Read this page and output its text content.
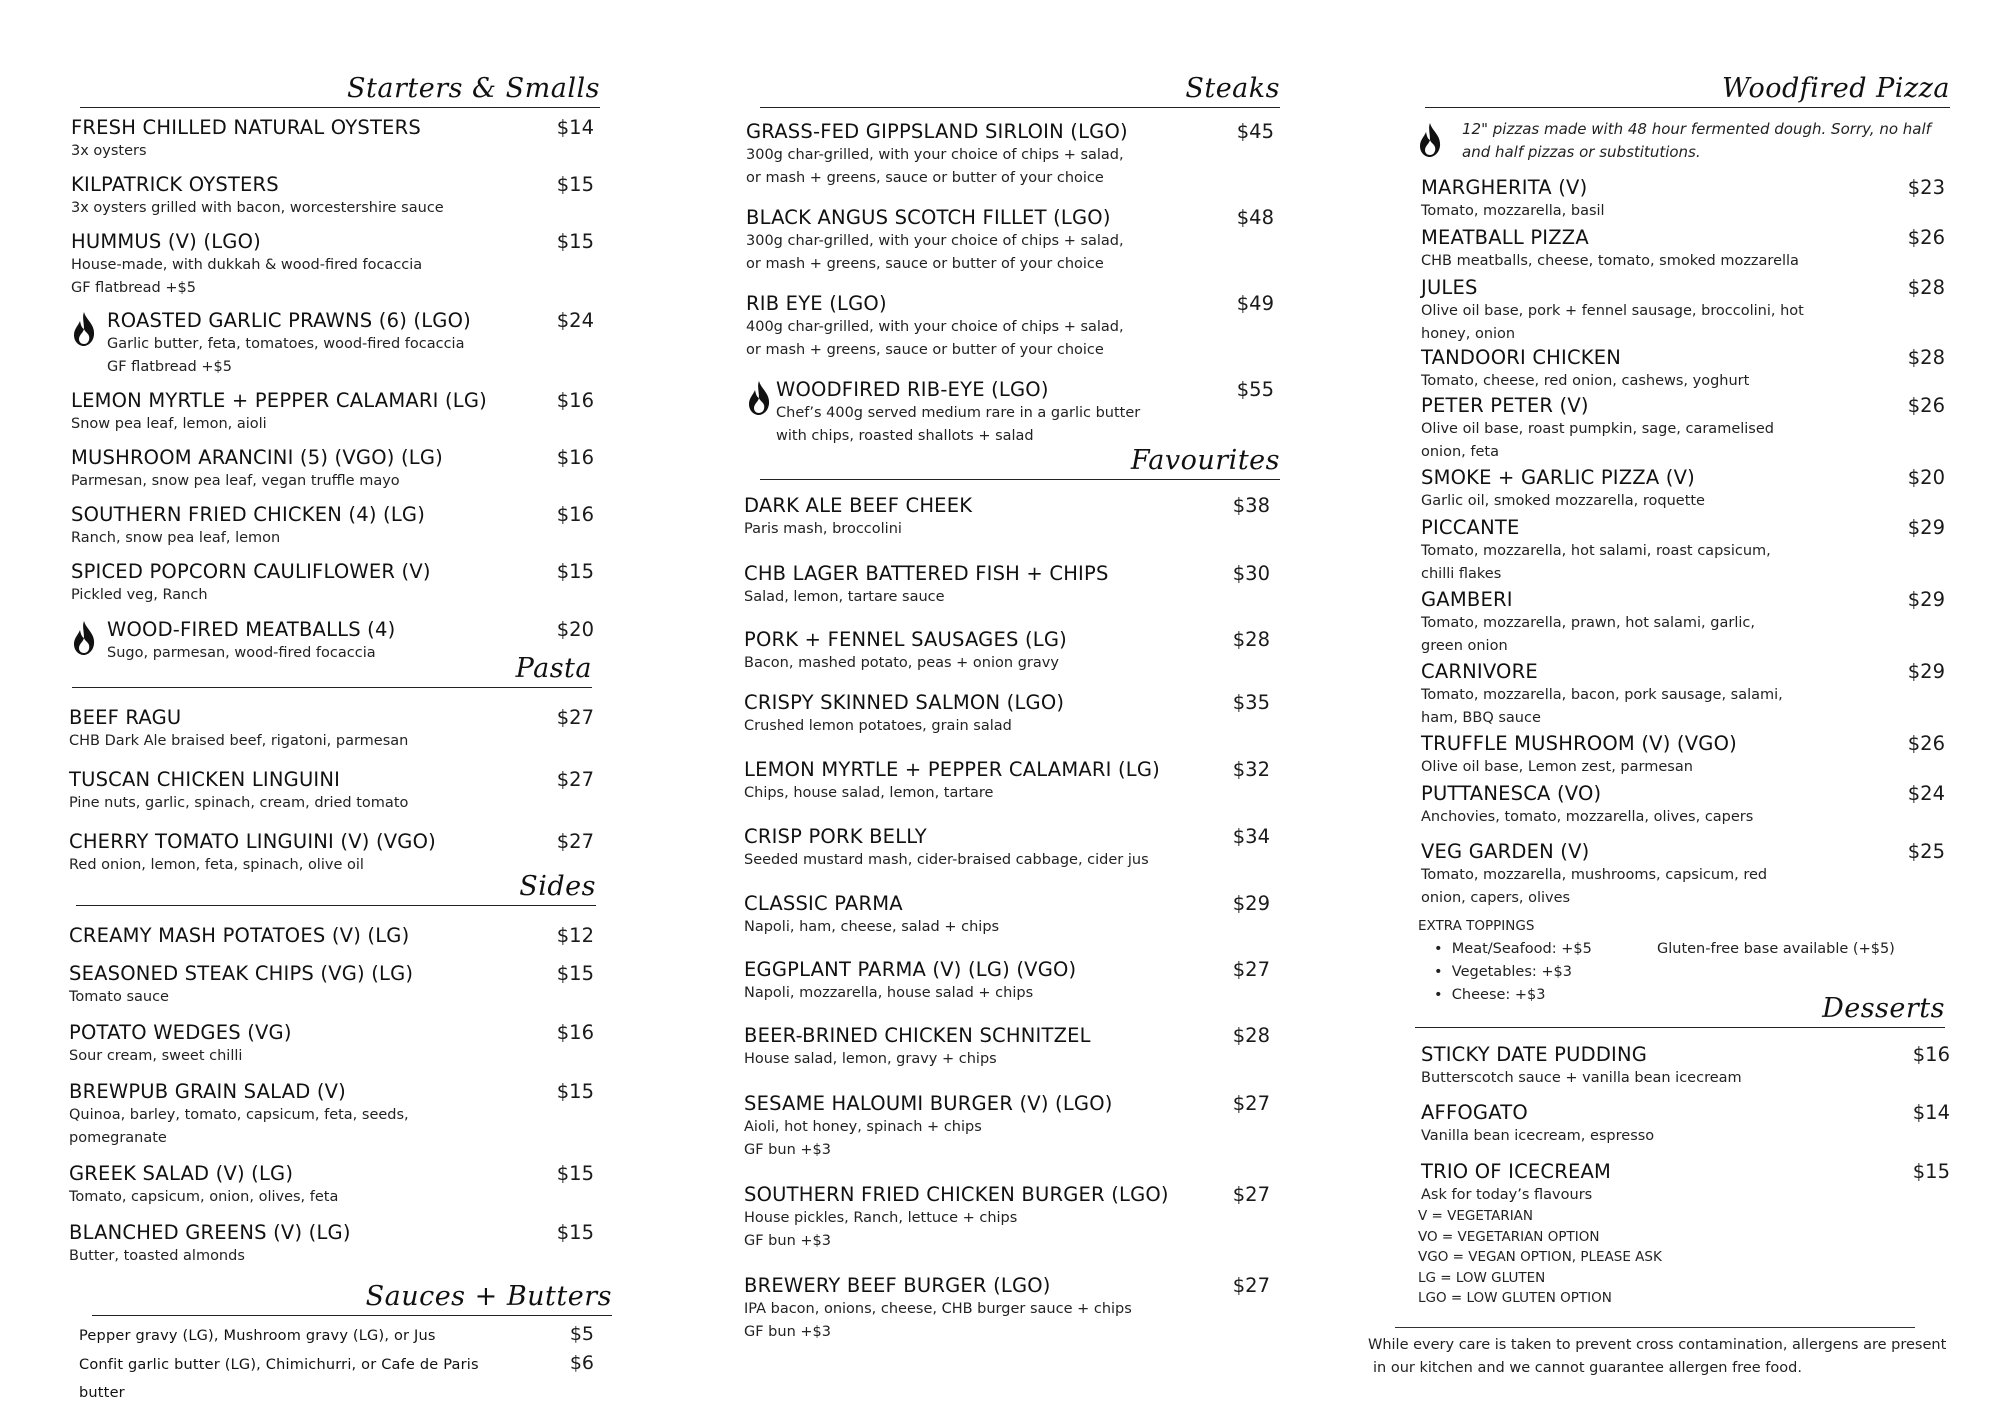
Starters & Smalls
FRESH CHILLED NATURAL OYSTERS
3x oysters
$14
KILPATRICK OYSTERS
3x oysters grilled with bacon, worcestershire sauce
$15
HUMMUS (V) (LGO)
House-made, with dukkah & wood-fired focaccia
GF flatbread +$5
$15
ROASTED GARLIC PRAWNS (6) (LGO)
Garlic butter, feta, tomatoes, wood-fired focaccia
GF flatbread +$5
$24
LEMON MYRTLE + PEPPER CALAMARI (LG)
Snow pea leaf, lemon, aioli
$16
MUSHROOM ARANCINI (5) (VGO) (LG)
Parmesan, snow pea leaf, vegan truffle mayo
$16
SOUTHERN FRIED CHICKEN (4) (LG)
Ranch, snow pea leaf, lemon
$16
SPICED POPCORN CAULIFLOWER (V)
Pickled veg, Ranch
$15
WOOD-FIRED MEATBALLS (4)
Sugo, parmesan, wood-fired focaccia
$20
Pasta
BEEF RAGU
CHB Dark Ale braised beef, rigatoni, parmesan
$27
TUSCAN CHICKEN LINGUINI
Pine nuts, garlic, spinach, cream, dried tomato
$27
CHERRY TOMATO LINGUINI (V) (VGO)
Red onion, lemon, feta, spinach, olive oil
$27
Sides
CREAMY MASH POTATOES (V) (LG)	$12
SEASONED STEAK CHIPS (VG) (LG)
Tomato sauce
$15
POTATO WEDGES (VG)
Sour cream, sweet chilli
$16
BREWPUB GRAIN SALAD (V)
Quinoa, barley, tomato, capsicum, feta, seeds,
pomegranate
$15
GREEK SALAD (V) (LG)
Tomato, capsicum, onion, olives, feta
$15
BLANCHED GREENS (V) (LG)
Butter, toasted almonds
$15
Sauces + Butters
Pepper gravy (LG), Mushroom gravy (LG), or Jus	$5
Confit garlic butter (LG), Chimichurri, or Cafe de Paris
butter
$6
Steaks
GRASS-FED GIPPSLAND SIRLOIN (LGO)
300g char-grilled, with your choice of chips + salad,
or mash + greens, sauce or butter of your choice
$45
BLACK ANGUS SCOTCH FILLET (LGO)
300g char-grilled, with your choice of chips + salad,
or mash + greens, sauce or butter of your choice
$48
RIB EYE (LGO)
400g char-grilled, with your choice of chips + salad,
or mash + greens, sauce or butter of your choice
$49
WOODFIRED RIB-EYE (LGO)
Chef’s 400g served medium rare in a garlic butter
with chips, roasted shallots + salad
$55
Favourites
DARK ALE BEEF CHEEK
Paris mash, broccolini
$38
CHB LAGER BATTERED FISH + CHIPS
Salad, lemon, tartare sauce
$30
PORK + FENNEL SAUSAGES (LG)
Bacon, mashed potato, peas + onion gravy
$28
CRISPY SKINNED SALMON (LGO)
Crushed lemon potatoes, grain salad
$35
LEMON MYRTLE + PEPPER CALAMARI (LG)
Chips, house salad, lemon, tartare
$32
CRISP PORK BELLY
Seeded mustard mash, cider-braised cabbage, cider jus
$34
CLASSIC PARMA
Napoli, ham, cheese, salad + chips
$29
EGGPLANT PARMA (V) (LG) (VGO)
Napoli, mozzarella, house salad + chips
$27
BEER-BRINED CHICKEN SCHNITZEL
House salad, lemon, gravy + chips
$28
SESAME HALOUMI BURGER (V) (LGO)
Aioli, hot honey, spinach + chips
GF bun +$3
$27
SOUTHERN FRIED CHICKEN BURGER (LGO)
House pickles, Ranch, lettuce + chips
GF bun +$3
$27
BREWERY BEEF BURGER (LGO)
IPA bacon, onions, cheese, CHB burger sauce + chips
GF bun +$3
$27
Woodfired Pizza
12" pizzas made with 48 hour fermented dough. Sorry, no half
and half pizzas or substitutions.
MARGHERITA (V)
Tomato, mozzarella, basil
$23
MEATBALL PIZZA
CHB meatballs, cheese, tomato, smoked mozzarella
$26
JULES
Olive oil base, pork + fennel sausage, broccolini, hot
honey, onion
$28
TANDOORI CHICKEN
Tomato, cheese, red onion, cashews, yoghurt
$28
PETER PETER (V)
Olive oil base, roast pumpkin, sage, caramelised
onion, feta
$26
SMOKE + GARLIC PIZZA (V)
Garlic oil, smoked mozzarella, roquette
$20
PICCANTE
Tomato, mozzarella, hot salami, roast capsicum,
chilli flakes
$29
GAMBERI
Tomato, mozzarella, prawn, hot salami, garlic,
green onion
$29
CARNIVORE
Tomato, mozzarella, bacon, pork sausage, salami,
ham, BBQ sauce
$29
TRUFFLE MUSHROOM (V) (VGO)
Olive oil base, Lemon zest, parmesan
$26
PUTTANESCA (VO)
Anchovies, tomato, mozzarella, olives, capers
$24
VEG GARDEN (V)
Tomato, mozzarella, mushrooms, capsicum, red
onion, capers, olives
$25
EXTRA TOPPINGS
•  Meat/Seafood: +$5
•  Vegetables: +$3
•  Cheese: +$3
Gluten-free base available (+$5)
Desserts
STICKY DATE PUDDING
Butterscotch sauce + vanilla bean icecream
$16
AFFOGATO
Vanilla bean icecream, espresso
$14
TRIO OF ICECREAM
Ask for today’s flavours
$15
V = VEGETARIAN
VO = VEGETARIAN OPTION
VGO = VEGAN OPTION, PLEASE ASK
LG = LOW GLUTEN
LGO = LOW GLUTEN OPTION
While every care is taken to prevent cross contamination, allergens are present
in our kitchen and we cannot guarantee allergen free food.
